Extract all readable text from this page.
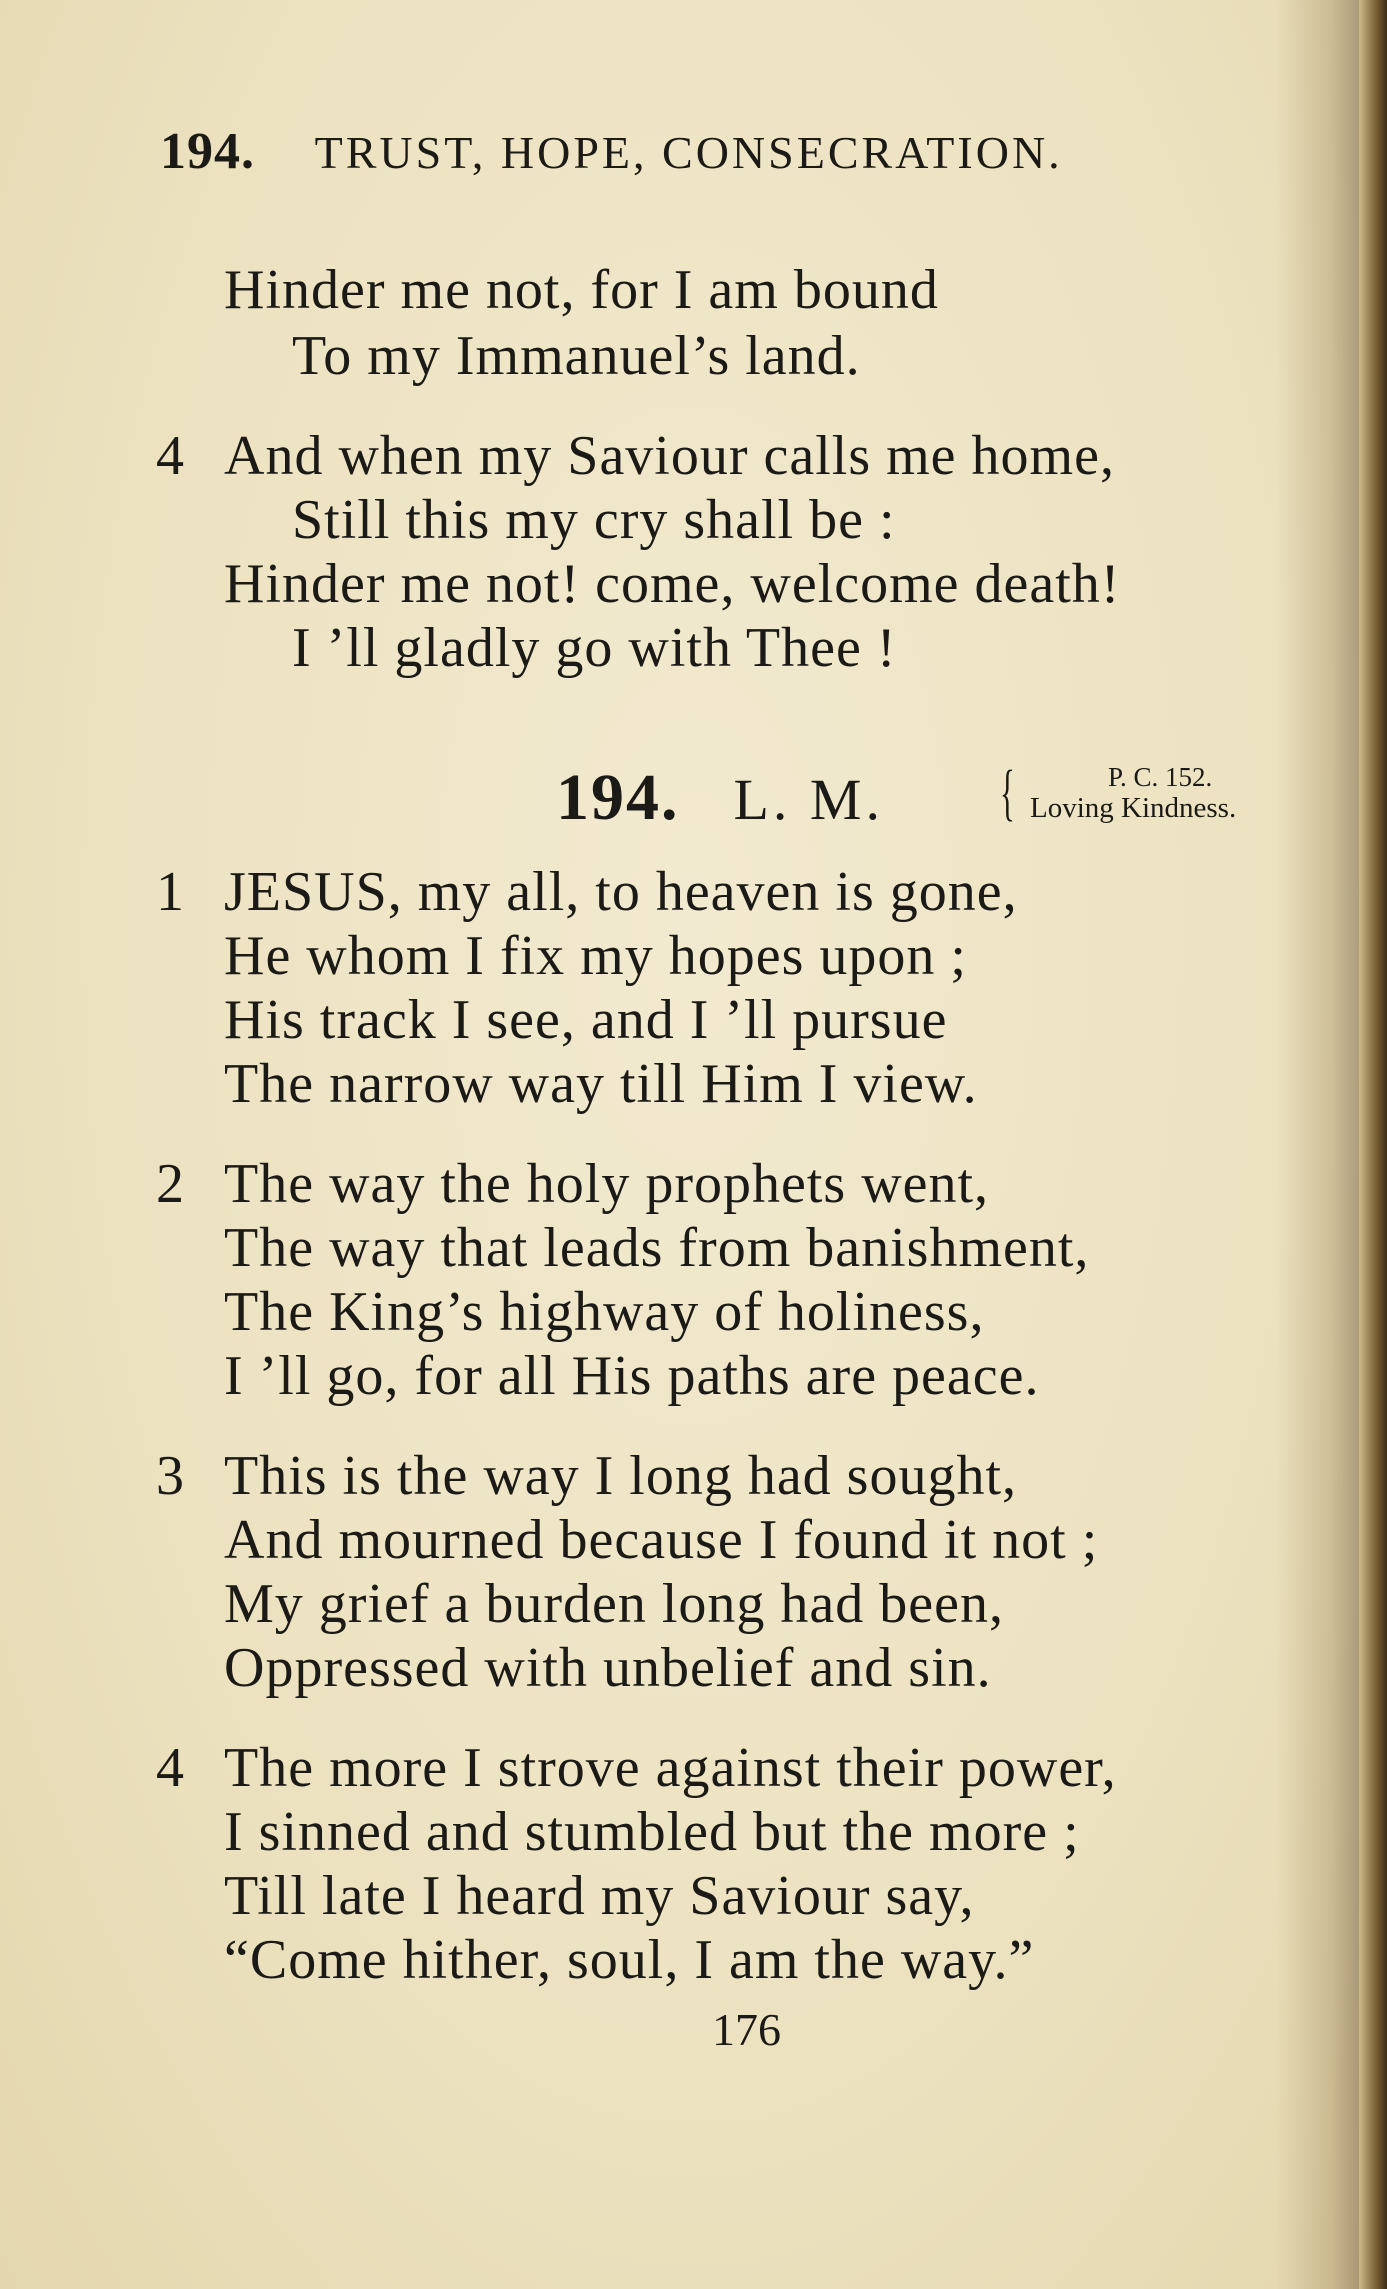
194. TRUST, HOPE, CONSECRATION.
Hinder me not, for I am bound
To my Immanuel’s land.
4 And when my Saviour calls me home,
Still this my cry shall be :
Hinder me not! come, welcome death!
I ’ll gladly go with Thee !
194. L. M. {	P. C. 152.
Loving Kindness.
1 JESUS, my all, to heaven is gone,
He whom I fix my hopes upon ;
His track I see, and I ’ll pursue
The narrow way till Him I view.
2 The way the holy prophets went,
The way that leads from banishment,
The King’s highway of holiness,
I ’ll go, for all His paths are peace.
3 This is the way I long had sought,
And mourned because I found it not ;
My grief a burden long had been,
Oppressed with unbelief and sin.
4 The more I strove against their power,
I sinned and stumbled but the more ;
Till late I heard my Saviour say,
“Come hither, soul, I am the way.”
176
